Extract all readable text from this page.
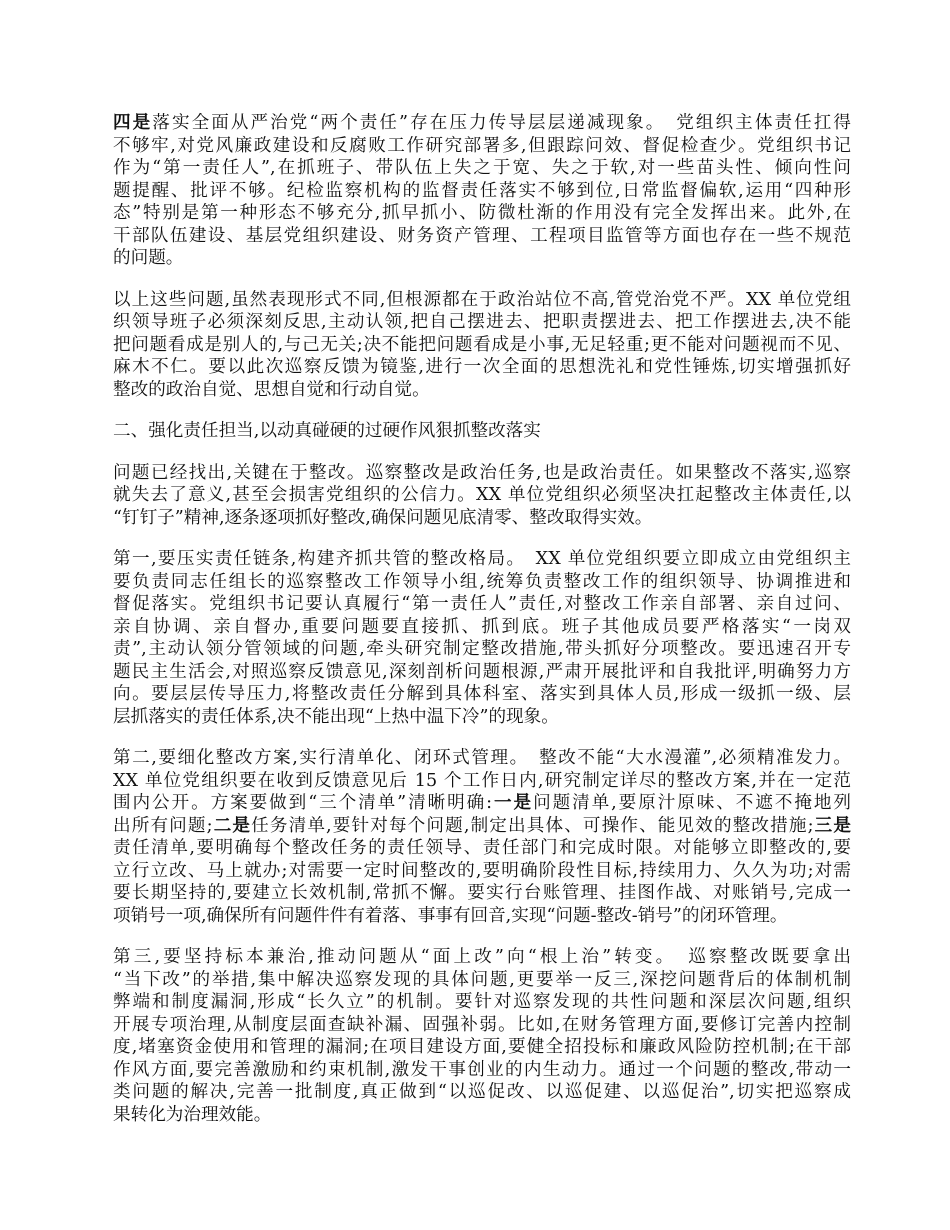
四是落实全面从严治党“两个责任”存在压力传导层层递减现象。　党组织主体责任扛得
不够牢,对党风廉政建设和反腐败工作研究部署多,但跟踪问效、督促检查少。党组织书记
作为“第一责任人”,在抓班子、带队伍上失之于宽、失之于软,对一些苗头性、倾向性问
题提醒、批评不够。纪检监察机构的监督责任落实不够到位,日常监督偏软,运用“四种形
态”特别是第一种形态不够充分,抓早抓小、防微杜渐的作用没有完全发挥出来。此外,在
干部队伍建设、基层党组织建设、财务资产管理、工程项目监管等方面也存在一些不规范
的问题。

以上这些问题,虽然表现形式不同,但根源都在于政治站位不高,管党治党不严。XX 单位党组
织领导班子必须深刻反思,主动认领,把自己摆进去、把职责摆进去、把工作摆进去,决不能
把问题看成是别人的,与己无关;决不能把问题看成是小事,无足轻重;更不能对问题视而不见、
麻木不仁。要以此次巡察反馈为镜鉴,进行一次全面的思想洗礼和党性锤炼,切实增强抓好
整改的政治自觉、思想自觉和行动自觉。

二、强化责任担当,以动真碰硬的过硬作风狠抓整改落实

问题已经找出,关键在于整改。巡察整改是政治任务,也是政治责任。如果整改不落实,巡察
就失去了意义,甚至会损害党组织的公信力。XX 单位党组织必须坚决扛起整改主体责任,以
“钉钉子”精神,逐条逐项抓好整改,确保问题见底清零、整改取得实效。

第一,要压实责任链条,构建齐抓共管的整改格局。　XX 单位党组织要立即成立由党组织主
要负责同志任组长的巡察整改工作领导小组,统筹负责整改工作的组织领导、协调推进和
督促落实。党组织书记要认真履行“第一责任人”责任,对整改工作亲自部署、亲自过问、
亲自协调、亲自督办,重要问题要直接抓、抓到底。班子其他成员要严格落实“一岗双
责”,主动认领分管领域的问题,牵头研究制定整改措施,带头抓好分项整改。要迅速召开专
题民主生活会,对照巡察反馈意见,深刻剖析问题根源,严肃开展批评和自我批评,明确努力方
向。要层层传导压力,将整改责任分解到具体科室、落实到具体人员,形成一级抓一级、层
层抓落实的责任体系,决不能出现“上热中温下冷”的现象。

第二,要细化整改方案,实行清单化、闭环式管理。　整改不能“大水漫灌”,必须精准发力。
XX 单位党组织要在收到反馈意见后 15 个工作日内,研究制定详尽的整改方案,并在一定范
围内公开。方案要做到“三个清单”清晰明确:一是问题清单,要原汁原味、不遮不掩地列
出所有问题;二是任务清单,要针对每个问题,制定出具体、可操作、能见效的整改措施;三是
责任清单,要明确每个整改任务的责任领导、责任部门和完成时限。对能够立即整改的,要
立行立改、马上就办;对需要一定时间整改的,要明确阶段性目标,持续用力、久久为功;对需
要长期坚持的,要建立长效机制,常抓不懈。要实行台账管理、挂图作战、对账销号,完成一
项销号一项,确保所有问题件件有着落、事事有回音,实现“问题-整改-销号”的闭环管理。

第三,要坚持标本兼治,推动问题从“面上改”向“根上治”转变。　巡察整改既要拿出
“当下改”的举措,集中解决巡察发现的具体问题,更要举一反三,深挖问题背后的体制机制
弊端和制度漏洞,形成“长久立”的机制。要针对巡察发现的共性问题和深层次问题,组织
开展专项治理,从制度层面查缺补漏、固强补弱。比如,在财务管理方面,要修订完善内控制
度,堵塞资金使用和管理的漏洞;在项目建设方面,要健全招投标和廉政风险防控机制;在干部
作风方面,要完善激励和约束机制,激发干事创业的内生动力。通过一个问题的整改,带动一
类问题的解决,完善一批制度,真正做到“以巡促改、以巡促建、以巡促治”,切实把巡察成
果转化为治理效能。
